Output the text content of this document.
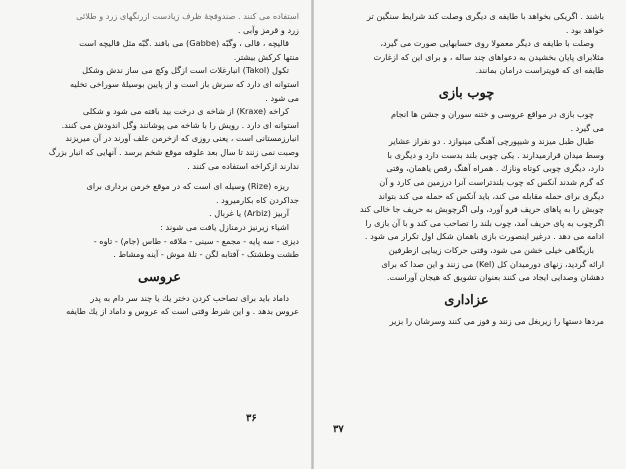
استفاده می کنند . صندوقچهٔ ظرف زیادست ازرنگهای زرد و طلائی
زرد و قرمز وآبی .
قالیچه ، قالی ، وگبّه (Gabbe) می بافند .گبّه مثل قالیچه است
منتها کرکش بیشتر.
تکول (Takol) انبارغلات است ازگل وکچ می ساز ندش وشکل
استوانه ای دارد که سرش باز است و از پایین بوسیلهٔ سوراخی تخلیه
می شود .
کراخه (Kraxe) از شاخه ی درخت بید بافته می شود و شکلی
استوانه ای دارد . رویش را با شاخه می پوشانند وگل اندودش می کنند.
انبارزمستانی است ، یعنی روزی که ازخرمن علف آورند در آن میریزند
وصبت نمی زنند تا سال بعد علوفه موقع شخم برسد . آنهایی که انبار بزرگ
ندارند ازکراخه استفاده می کنند .
ریزه (Rize) وسیله ای است که در موقع خرمن برداری برای
جداکردن کاه بکارمیرود .
آربیز (Arbiz) یا غربال .
اشیاء زیرنیز درمنازل یافت می شوند :
دیزی - سه پایه - مجمع - سینی - ملاقه - طاس (جام) - تاوه -
طشت وطشتک - آفتابه لگن - تلهٔ موش - آینه ومشاط .
عروسی
داماد باید برای تصاحب کردن دختر یك یا چند سر دام به پدر
عروس بدهد . و این شرط وقتی است که عروس و داماد از یك طایفه
۳۶
باشند . اگریکی بخواهد با طایفه ی دیگری وصلت کند شرایط سنگین تر
خواهد بود .
وصلت با طایفه ی دیگر معمولا روی حسابهایی صورت می گیرد،
مثلابرای پایان بخشیدن به دعواهای چند ساله ، و برای این که ازغارت
طایفه ای که قویتراست درامان بمانند.
چوب بازی
چوب بازی در مواقع عروسی و ختنه سوران و جشن ها انجام
می گیرد .
طبال طبل میزند و شیپورچی آهنگی مینوازد . دو نفراز عشایر
وسط میدان قرارمیدارند . یکی چوبی بلند بدست دارد و دیگری با
دارد، دیگری چوبی کوتاه ونازك . همراه آهنگ رقص یاهمان، وقتی
که گرم شدند آنکس که چوب بلندتراست آنرا درزمین می کارد و آن
دیگری برای حمله مقابله می کند، باید آنکس که حمله می کند بتواند
چوبش را به پاهای حریف فرو آورد، ولی اگرچوبش به حریف جا خالی کند
اگرچوب به پای حریف آمد، چوب بلند را تصاحب می کند و با آن بازی را
ادامه می دهد . درغیر اینصورت بازی باهمان شکل اول تکرار می شود .
بازیگاهی خیلی خشن می شود، وقتی حرکات زیبایی ازطرفین
ارائه گردید، زنهای دورمیدان کل (Kel) می زنند و این صدا که برای
دهشان وصدایی ایجاد می کنند بعنوان تشویق که هیجان آوراست.
عزاداری
مردها دستها را زیربغل می زنند و فوز می کنند وسرشان را بزیر
۳۷
